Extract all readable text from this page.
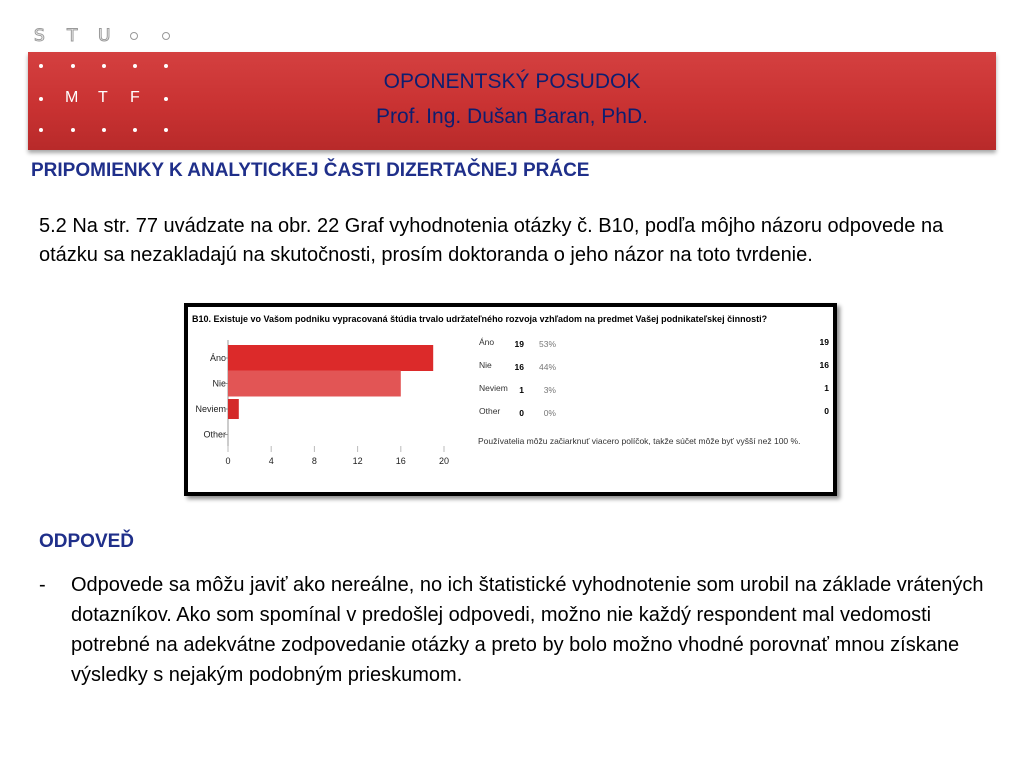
S T U
M T F
OPONENTSKÝ POSUDOK
Prof. Ing. Dušan Baran, PhD.
PRIPOMIENKY K ANALYTICKEJ ČASTI DIZERTAČNEJ PRÁCE
5.2 Na str. 77 uvádzate na obr. 22 Graf vyhodnotenia otázky č. B10, podľa môjho názoru odpovede na otázku sa nezakladajú na skutočnosti, prosím doktoranda o jeho názor na toto tvrdenie.
B10. Existuje vo Vašom podniku vypracovaná štúdia trvalo udržateľného rozvoja vzhľadom na predmet Vašej podnikateľskej činnosti?
Áno
Áno 19 53%	19
Nie
Nie	16 44%	16
Neviem
Neviem 1 3%	1
Other
Other 0 0%	0
0	4	8	12	16	20
Používatelia môžu začiarknuť viacero políčok, takže súčet môže byť vyšší než 100 %.
ODPOVEĎ
- Odpovede sa môžu javiť ako nereálne, no ich štatistické vyhodnotenie som urobil na základe vrátených dotazníkov. Ako som spomínal v predošlej odpovedi, možno nie každý respondent mal vedomosti potrebné na adekvátne zodpovedanie otázky a preto by bolo možno vhodné porovnať mnou získane výsledky s nejakým podobným prieskumom.
